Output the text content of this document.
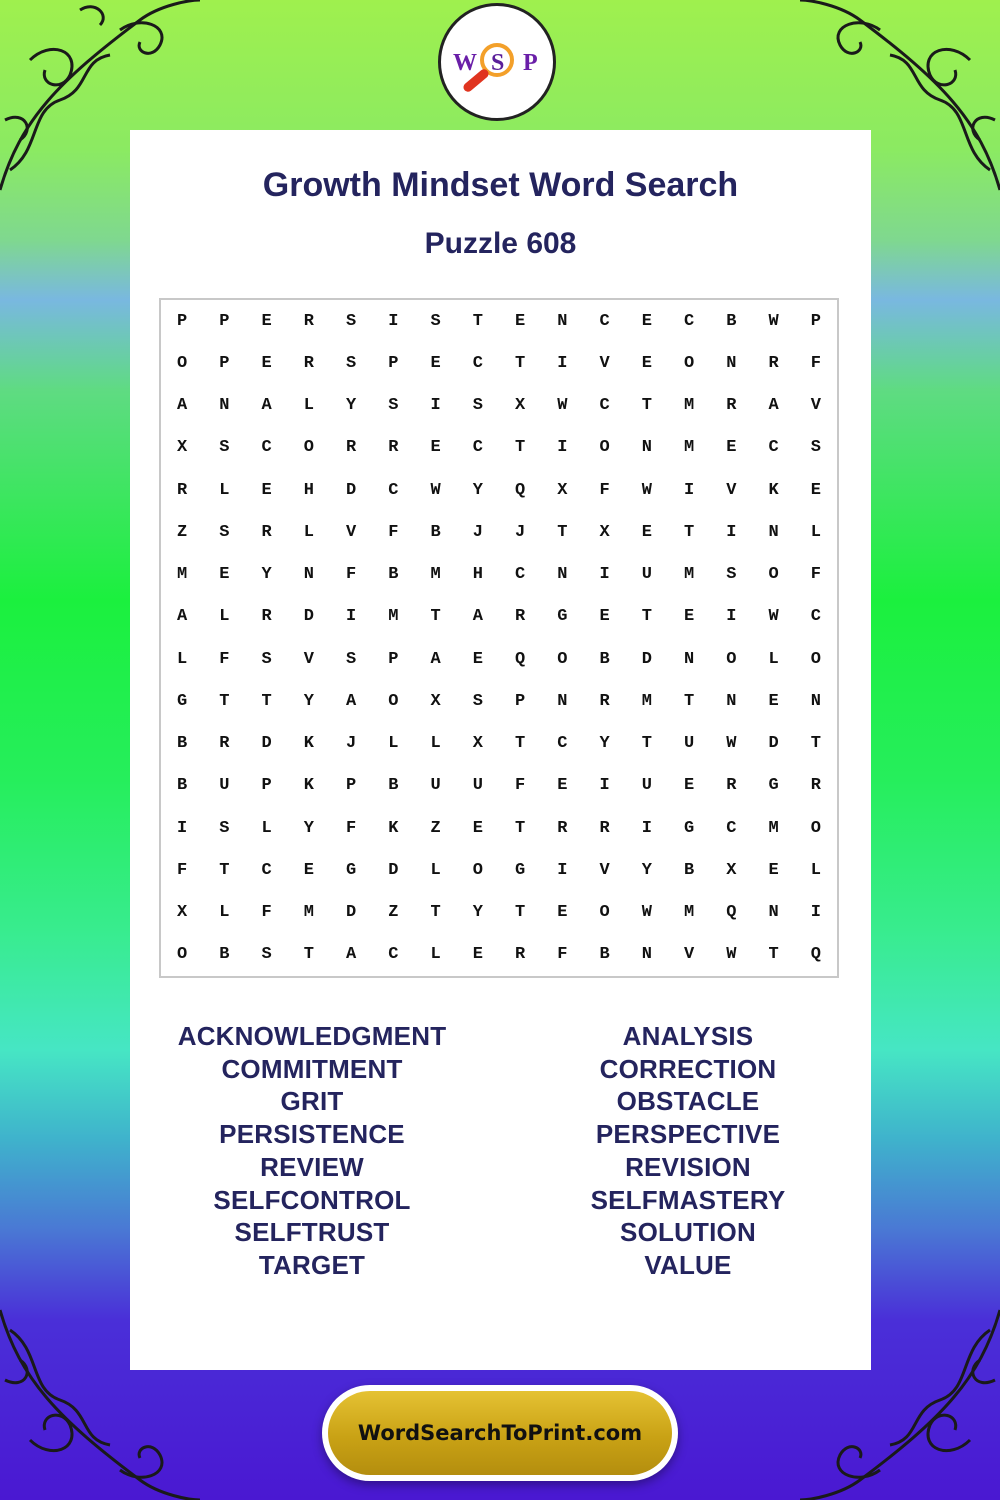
W S P
Growth Mindset Word Search
Puzzle 608
P	P	E	R	S	I	S	T	E	N	C	E	C	B	W	P
O	P	E	R	S	P	E	C	T	I	V	E	O	N	R	F
A	N	A	L	Y	S	I	S	X	W	C	T	M	R	A	V
X	S	C	O	R	R	E	C	T	I	O	N	M	E	C	S
R	L	E	H	D	C	W	Y	Q	X	F	W	I	V	K	E
Z	S	R	L	V	F	B	J	J	T	X	E	T	I	N	L
M	E	Y	N	F	B	M	H	C	N	I	U	M	S	O	F
A	L	R	D	I	M	T	A	R	G	E	T	E	I	W	C
L	F	S	V	S	P	A	E	Q	O	B	D	N	O	L	O
G	T	T	Y	A	O	X	S	P	N	R	M	T	N	E	N
B	R	D	K	J	L	L	X	T	C	Y	T	U	W	D	T
B	U	P	K	P	B	U	U	F	E	I	U	E	R	G	R
I	S	L	Y	F	K	Z	E	T	R	R	I	G	C	M	O
F	T	C	E	G	D	L	O	G	I	V	Y	B	X	E	L
X	L	F	M	D	Z	T	Y	T	E	O	W	M	Q	N	I
O	B	S	T	A	C	L	E	R	F	B	N	V	W	T	Q
ACKNOWLEDGMENT
COMMITMENT
GRIT
PERSISTENCE
REVIEW
SELFCONTROL
SELFTRUST
TARGET
ANALYSIS
CORRECTION
OBSTACLE
PERSPECTIVE
REVISION
SELFMASTERY
SOLUTION
VALUE
WordSearchToPrint.com
